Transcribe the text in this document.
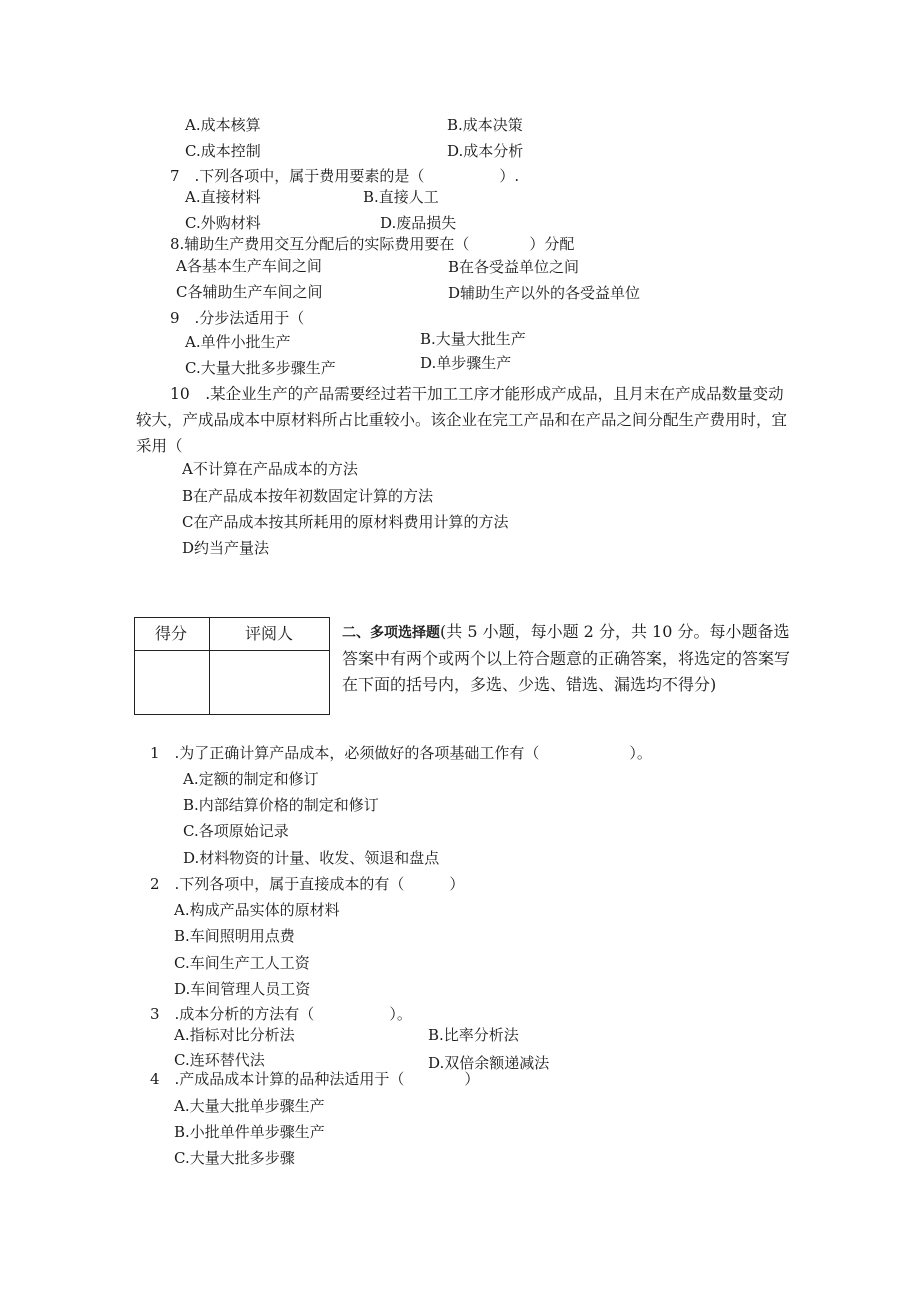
A.成本核算	B.成本决策
C.成本控制	D.成本分析
7　.下列各项中，属于费用要素的是（　　　　　）.
A.直接材料	B.直接人工
C.外购材料	D.废品损失
8.辅助生产费用交互分配后的实际费用要在（　　　　）分配
A各基本生产车间之间	B在各受益单位之间
C各辅助生产车间之间	D辅助生产以外的各受益单位
9　.分步法适用于（
A.单件小批生产	B.大量大批生产
C.大量大批多步骤生产	D.单步骤生产
10　.某企业生产的产品需要经过若干加工工序才能形成产成品，且月末在产成品数量变动较大，产成品成本中原材料所占比重较小。该企业在完工产品和在产品之间分配生产费用时，宜采用（
A不计算在产品成本的方法
B在产品成本按年初数固定计算的方法
C在产品成本按其所耗用的原材料费用计算的方法
D约当产量法
得分	评阅人	二、多项选择题(共 5 小题，每小题 2 分，共 10 分。每小题备选答案中有两个或两个以上符合题意的正确答案，将选定的答案写在下面的括号内，多选、少选、错选、漏选均不得分)
1　.为了正确计算产品成本，必须做好的各项基础工作有（　　　　　　）。
A.定额的制定和修订
B.内部结算价格的制定和修订
C.各项原始记录
D.材料物资的计量、收发、领退和盘点
2　.下列各项中，属于直接成本的有（　　　）
A.构成产品实体的原材料
B.车间照明用点费
C.车间生产工人工资
D.车间管理人员工资
3　.成本分析的方法有（　　　　　）。
A.指标对比分析法	B.比率分析法
C.连环替代法	D.双倍余额递减法
4　.产成品成本计算的品种法适用于（　　　　）
A.大量大批单步骤生产
B.小批单件单步骤生产
C.大量大批多步骤
